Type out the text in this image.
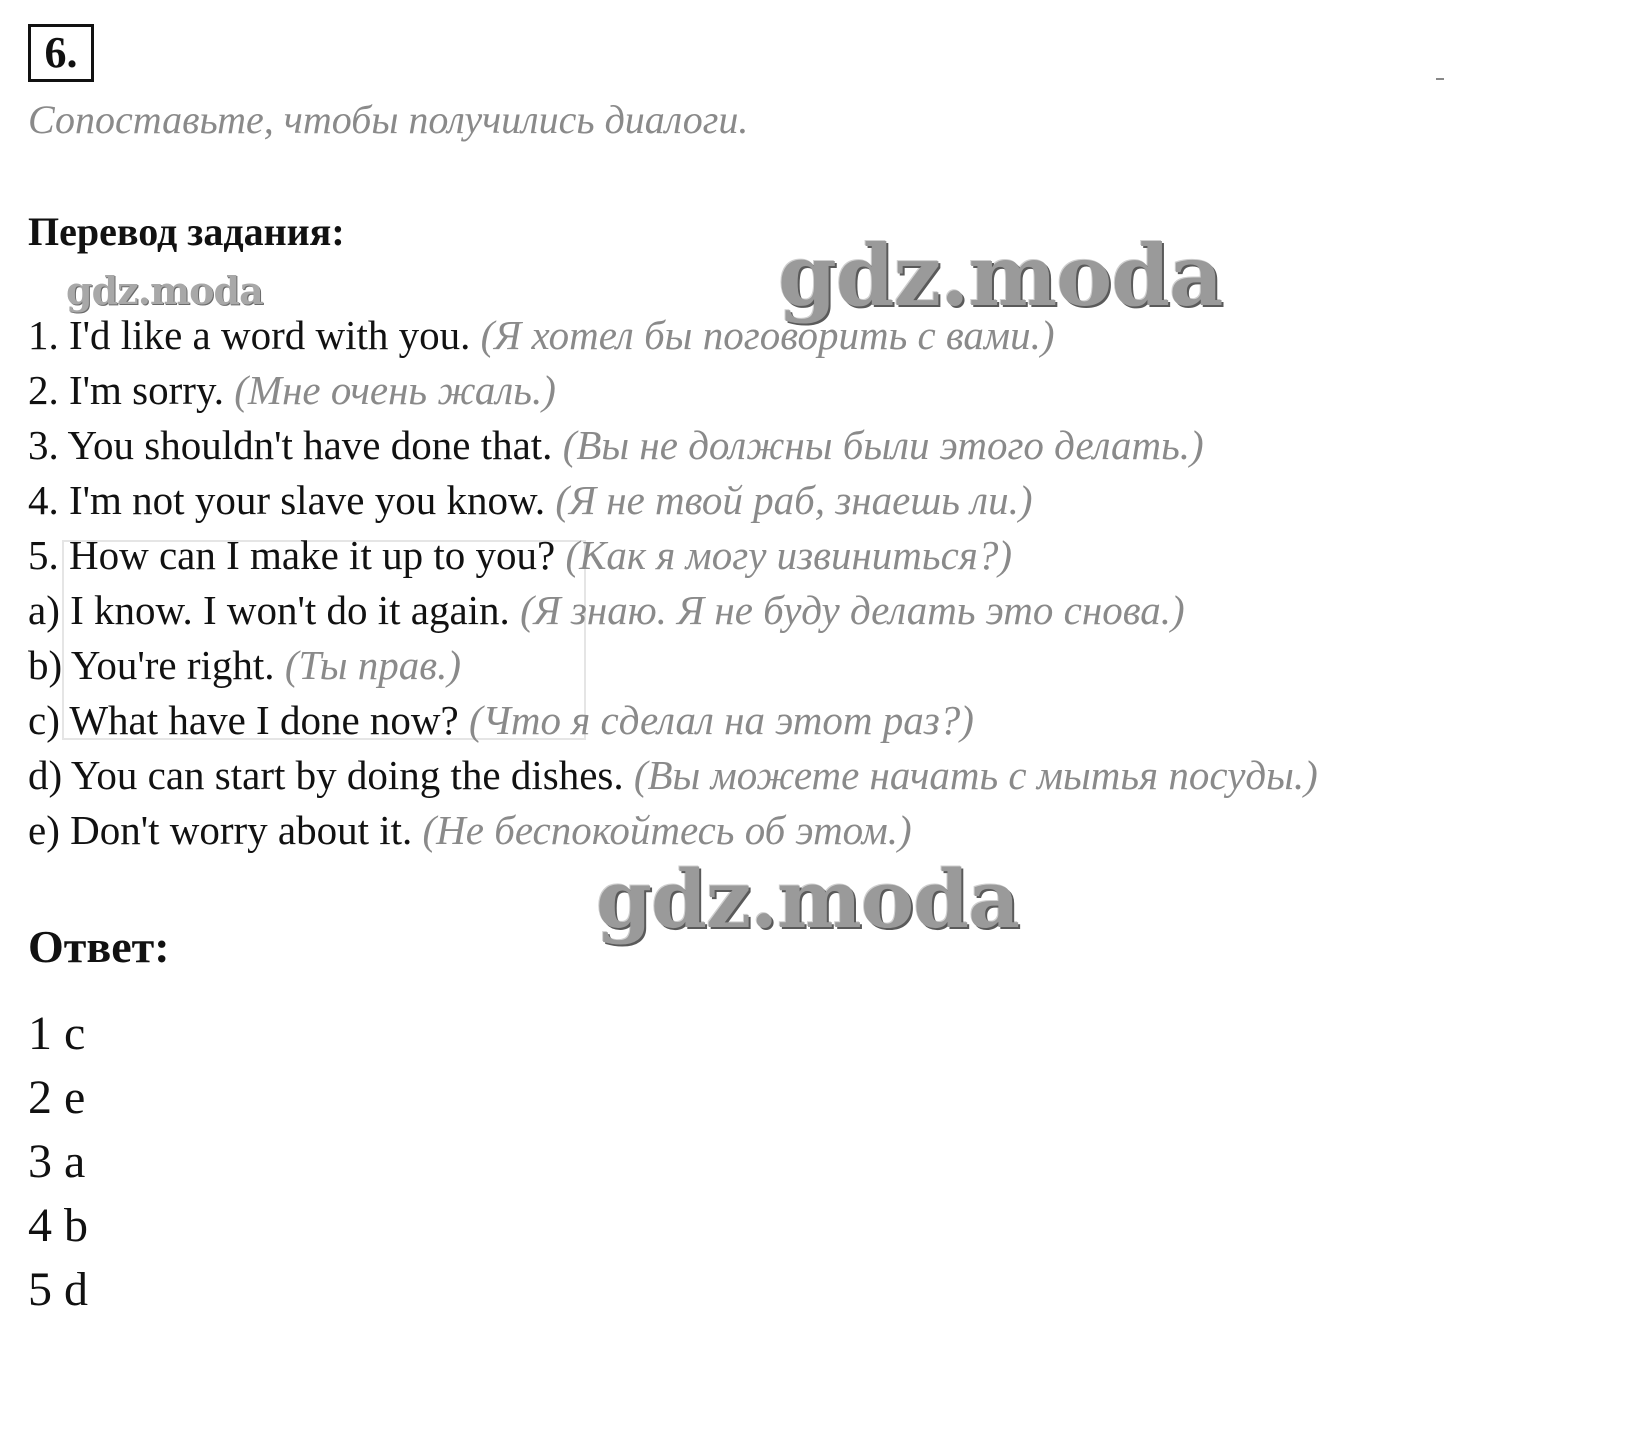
6.
Сопоставьте, чтобы получились диалоги.
Перевод задания:
gdz.moda	gdz.moda
gdz.moda
1. I'd like a word with you. (Я хотел бы поговорить с вами.)
2. I'm sorry. (Мне очень жаль.)
3. You shouldn't have done that. (Вы не должны были этого делать.)
4. I'm not your slave you know. (Я не твой раб, знаешь ли.)
5. How can I make it up to you? (Как я могу извиниться?)
a) I know. I won't do it again. (Я знаю. Я не буду делать это снова.)
b) You're right. (Ты прав.)
c) What have I done now? (Что я сделал на этот раз?)
d) You can start by doing the dishes. (Вы можете начать с мытья посуды.)
e) Don't worry about it. (Не беспокойтесь об этом.)
Ответ:
1 c
2 e
3 a
4 b
5 d
